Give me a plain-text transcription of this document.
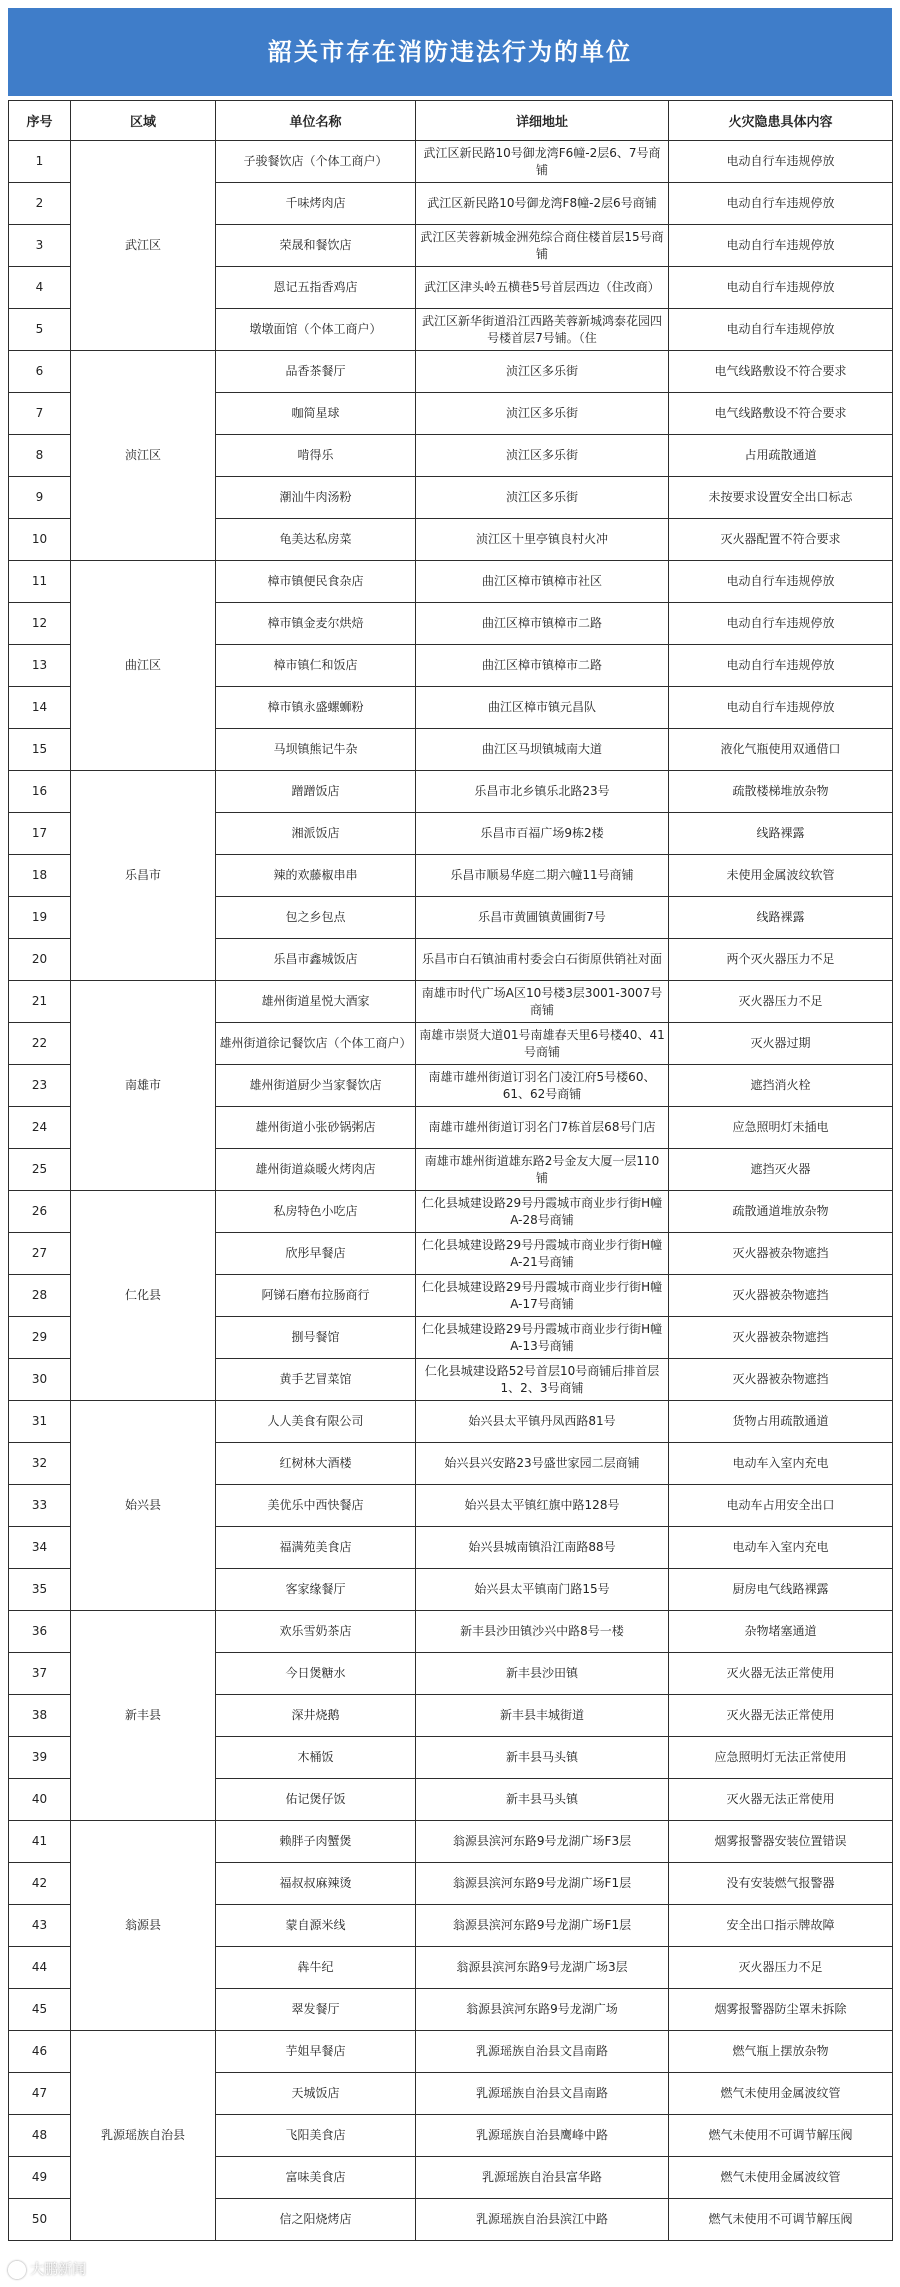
韶关市存在消防违法行为的单位
序号	区域	单位名称	详细地址	火灾隐患具体内容
1	武江区	子骏餐饮店（个体工商户）	武江区新民路10号御龙湾F6幢-2层6、7号商铺	电动自行车违规停放
2		千味烤肉店	武江区新民路10号御龙湾F8幢-2层6号商铺	电动自行车违规停放
3		荣晟和餐饮店	武江区芙蓉新城金洲苑综合商住楼首层15号商铺	电动自行车违规停放
4		恩记五指香鸡店	武江区津头岭五横巷5号首层西边（住改商）	电动自行车违规停放
5		墩墩面馆（个体工商户）	武江区新华街道沿江西路芙蓉新城鸿泰花园四号楼首层7号铺。（住	电动自行车违规停放
6	浈江区	品香茶餐厅	浈江区多乐街	电气线路敷设不符合要求
7		咖简星球	浈江区多乐街	电气线路敷设不符合要求
8		啃得乐	浈江区多乐街	占用疏散通道
9		潮汕牛肉汤粉	浈江区多乐街	未按要求设置安全出口标志
10		龟美达私房菜	浈江区十里亭镇良村火冲	灭火器配置不符合要求
11	曲江区	樟市镇便民食杂店	曲江区樟市镇樟市社区	电动自行车违规停放
12		樟市镇金麦尔烘焙	曲江区樟市镇樟市二路	电动自行车违规停放
13		樟市镇仁和饭店	曲江区樟市镇樟市二路	电动自行车违规停放
14		樟市镇永盛螺蛳粉	曲江区樟市镇元昌队	电动自行车违规停放
15		马坝镇熊记牛杂	曲江区马坝镇城南大道	液化气瓶使用双通借口
16	乐昌市	蹭蹭饭店	乐昌市北乡镇乐北路23号	疏散楼梯堆放杂物
17		湘派饭店	乐昌市百福广场9栋2楼	线路裸露
18		辣的欢藤椒串串	乐昌市顺易华庭二期六幢11号商铺	未使用金属波纹软管
19		包之乡包点	乐昌市黄圃镇黄圃街7号	线路裸露
20		乐昌市鑫城饭店	乐昌市白石镇油甫村委会白石街原供销社对面	两个灭火器压力不足
21	南雄市	雄州街道星悦大酒家	南雄市时代广场A区10号楼3层3001-3007号商铺	灭火器压力不足
22		雄州街道徐记餐饮店（个体工商户）	南雄市崇贤大道01号南雄春天里6号楼40、41号商铺	灭火器过期
23		雄州街道厨少当家餐饮店	南雄市雄州街道订羽名门凌江府5号楼60、61、62号商铺	遮挡消火栓
24		雄州街道小张砂锅粥店	南雄市雄州街道订羽名门7栋首层68号门店	应急照明灯未插电
25		雄州街道焱暖火烤肉店	南雄市雄州街道雄东路2号金友大厦一层110铺	遮挡灭火器
26	仁化县	私房特色小吃店	仁化县城建设路29号丹霞城市商业步行街H幢A-28号商铺	疏散通道堆放杂物
27		欣彤早餐店	仁化县城建设路29号丹霞城市商业步行街H幢A-21号商铺	灭火器被杂物遮挡
28		阿锑石磨布拉肠商行	仁化县城建设路29号丹霞城市商业步行街H幢A-17号商铺	灭火器被杂物遮挡
29		捌号餐馆	仁化县城建设路29号丹霞城市商业步行街H幢A-13号商铺	灭火器被杂物遮挡
30		黄手艺冒菜馆	仁化县城建设路52号首层10号商铺后排首层1、2、3号商铺	灭火器被杂物遮挡
31	始兴县	人人美食有限公司	始兴县太平镇丹凤西路81号	货物占用疏散通道
32		红树林大酒楼	始兴县兴安路23号盛世家园二层商铺	电动车入室内充电
33		美优乐中西快餐店	始兴县太平镇红旗中路128号	电动车占用安全出口
34		福满苑美食店	始兴县城南镇沿江南路88号	电动车入室内充电
35		客家缘餐厅	始兴县太平镇南门路15号	厨房电气线路裸露
36	新丰县	欢乐雪奶茶店	新丰县沙田镇沙兴中路8号一楼	杂物堵塞通道
37		今日煲糖水	新丰县沙田镇	灭火器无法正常使用
38		深井烧鹅	新丰县丰城街道	灭火器无法正常使用
39		木桶饭	新丰县马头镇	应急照明灯无法正常使用
40		佑记煲仔饭	新丰县马头镇	灭火器无法正常使用
41	翁源县	赖胖子肉蟹煲	翁源县滨河东路9号龙湖广场F3层	烟雾报警器安装位置错误
42		福叔叔麻辣烫	翁源县滨河东路9号龙湖广场F1层	没有安装燃气报警器
43		蒙自源米线	翁源县滨河东路9号龙湖广场F1层	安全出口指示牌故障
44		犇牛纪	翁源县滨河东路9号龙湖广场3层	灭火器压力不足
45		翠发餐厅	翁源县滨河东路9号龙湖广场	烟雾报警器防尘罩未拆除
46	乳源瑶族自治县	芋姐早餐店	乳源瑶族自治县文昌南路	燃气瓶上摆放杂物
47		天城饭店	乳源瑶族自治县文昌南路	燃气未使用金属波纹管
48		飞阳美食店	乳源瑶族自治县鹰峰中路	燃气未使用不可调节解压阀
49		富味美食店	乳源瑶族自治县富华路	燃气未使用金属波纹管
50		信之阳烧烤店	乳源瑶族自治县滨江中路	燃气未使用不可调节解压阀
大鹏新闻
